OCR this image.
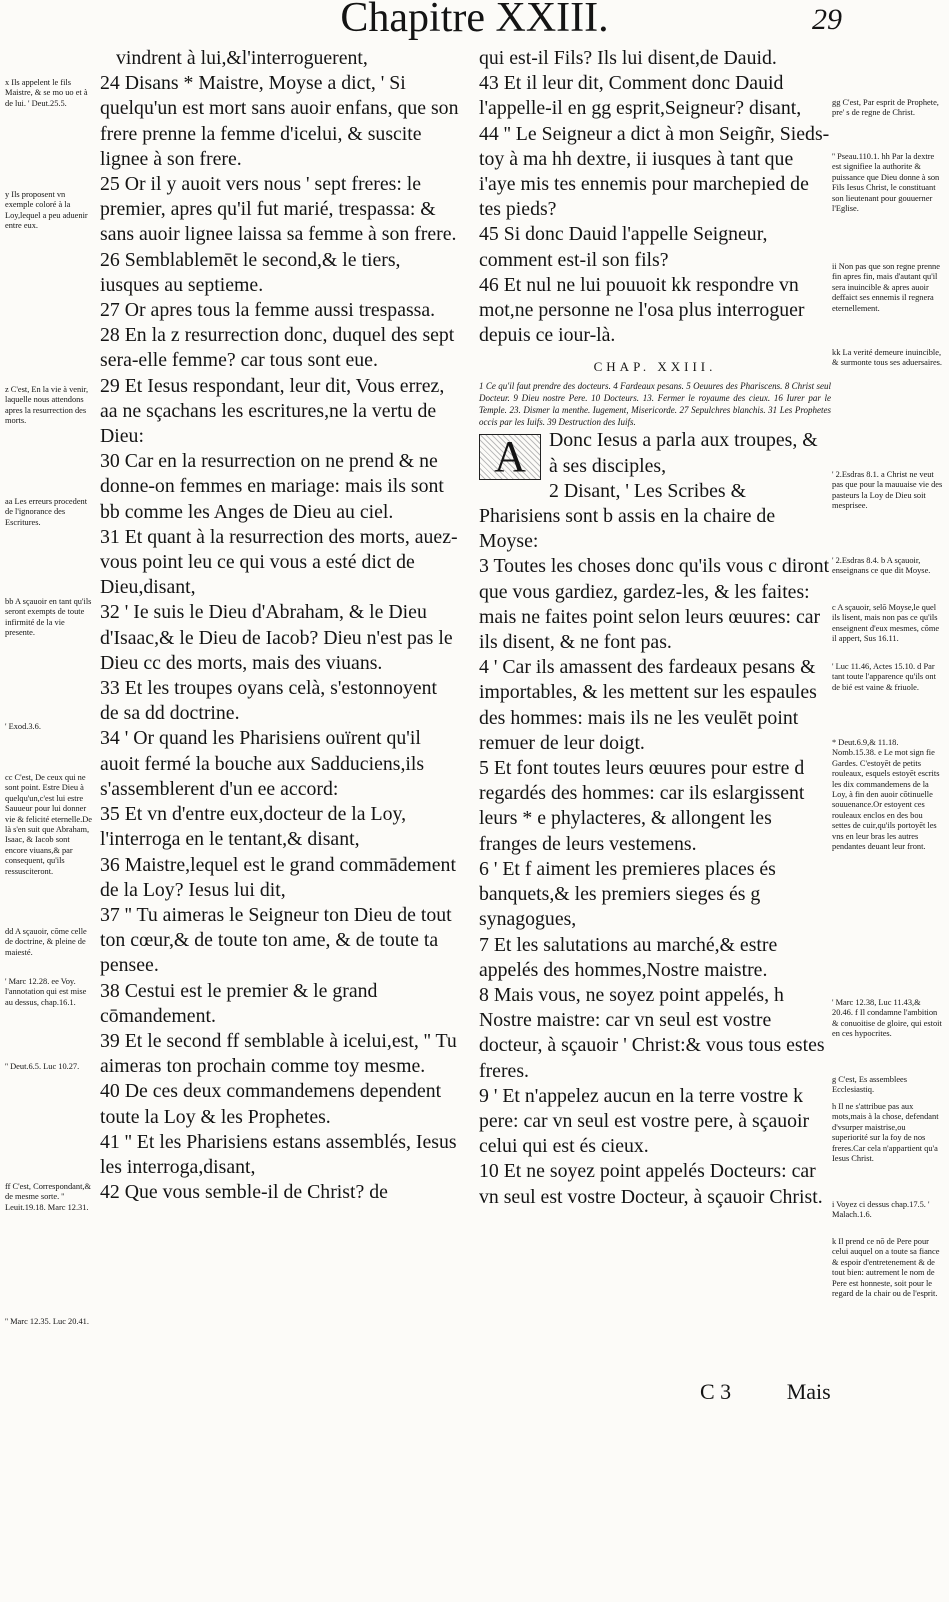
Chapitre XXIII.	29

vindrent à lui,&l'interroguerent,

24 Disans * Maistre, Moyse a dict, ' Si quelqu'un est mort sans auoir enfans, que son frere prenne la femme d'icelui, & suscite lignee à son frere.

25 Or il y auoit vers nous ' sept freres: le premier, apres qu'il fut marié, trespassa: & sans auoir lignee laissa sa femme à son frere.

26 Semblablemēt le second,& le tiers, iusques au septieme.

27 Or apres tous la femme aussi trespassa.

28 En la z resurrection donc, duquel des sept sera-elle femme? car tous sont eue.

29 Et Iesus respondant, leur dit, Vous errez, aa ne sçachans les escritures,ne la vertu de Dieu:

30 Car en la resurrection on ne prend & ne donne-on femmes en mariage: mais ils sont bb comme les Anges de Dieu au ciel.

31 Et quant à la resurrection des morts, auez-vous point leu ce qui vous a esté dict de Dieu,disant,

32 ' Ie suis le Dieu d'Abraham, & le Dieu d'Isaac,& le Dieu de Iacob? Dieu n'est pas le Dieu cc des morts, mais des viuans.

33 Et les troupes oyans celà, s'estonnoyent de sa dd doctrine.

34 ' Or quand les Pharisiens ouïrent qu'il auoit fermé la bouche aux Sadduciens,ils s'assemblerent d'un ee accord:

35 Et vn d'entre eux,docteur de la Loy, l'interroga en le tentant,& disant,

36 Maistre,lequel est le grand commādement de la Loy? Iesus lui dit,

37 '' Tu aimeras le Seigneur ton Dieu de tout ton cœur,& de toute ton ame, & de toute ta pensee.

38 Cestui est le premier & le grand cōmandement.

39 Et le second ff semblable à icelui,est, '' Tu aimeras ton prochain comme toy mesme.

40 De ces deux commandemens dependent toute la Loy & les Prophetes.

41 '' Et les Pharisiens estans assemblés, Iesus les interroga,disant,

42 Que vous semble-il de Christ? de

qui est-il Fils? Ils lui disent,de Dauid.

43 Et il leur dit, Comment donc Dauid l'appelle-il en gg esprit,Seigneur? disant,

44 '' Le Seigneur a dict à mon Seigñr, Sieds-toy à ma hh dextre, ii iusques à tant que i'aye mis tes ennemis pour marchepied de tes pieds?

45 Si donc Dauid l'appelle Seigneur, comment est-il son fils?

46 Et nul ne lui pouuoit kk respondre vn mot,ne personne ne l'osa plus interroguer depuis ce iour-là.

CHAP. XXIII.

1 Ce qu'il faut prendre des docteurs. 4 Fardeaux pesans. 5 Oeuures des Phariscens. 8 Christ seul Docteur. 9 Dieu nostre Pere. 10 Docteurs. 13. Fermer le royaume des cieux. 16 Iurer par le Temple. 23. Dismer la menthe. Iugement, Misericorde. 27 Sepulchres blanchis. 31 Les Prophetes occis par les Iuifs. 39 Destruction des Iuifs.

A	Donc Iesus a parla aux troupes, & à ses disciples,

2 Disant, ' Les Scribes & Pharisiens sont b assis en la chaire de Moyse:

3 Toutes les choses donc qu'ils vous c diront que vous gardiez, gardez-les, & les faites: mais ne faites point selon leurs œuures: car ils disent, & ne font pas.

4 ' Car ils amassent des fardeaux pesans & importables, & les mettent sur les espaules des hommes: mais ils ne les veulēt point remuer de leur doigt.

5 Et font toutes leurs œuures pour estre d regardés des hommes: car ils eslargissent leurs * e phylacteres, & allongent les franges de leurs vestemens.

6 ' Et f aiment les premieres places és banquets,& les premiers sieges és g synagogues,

7 Et les salutations au marché,& estre appelés des hommes,Nostre maistre.

8 Mais vous, ne soyez point appelés, h Nostre maistre: car vn seul est vostre docteur, à sçauoir ' Christ:& vous tous estes freres.

9 ' Et n'appelez aucun en la terre vostre k pere: car vn seul est vostre pere, à sçauoir celui qui est és cieux.

10 Et ne soyez point appelés Docteurs: car vn seul est vostre Docteur, à sçauoir Christ.

x Ils appelent le fils Maistre, & se mo uo et à de lui. ' Deut.25.5.

y Ils proposent vn exemple coloré à la Loy,lequel a peu aduenir entre eux.

z C'est, En la vie à venir, laquelle nous attendons apres la resurrection des morts.

aa Les erreurs procedent de l'ignorance des Escritures.

bb A sçauoir en tant qu'ils seront exempts de toute infirmité de la vie presente.

' Exod.3.6.

cc C'est, De ceux qui ne sont point. Estre Dieu à quelqu'un,c'est lui estre Sauueur pour lui donner vie & felicité eternelle.De là s'en suit que Abraham, Isaac, & Iacob sont encore viuans,& par consequent, qu'ils ressusciteront.

dd A sçauoir, cōme celle de doctrine, & pleine de maiesté.

' Marc 12.28. ee Voy. l'annotation qui est mise au dessus, chap.16.1.

'' Deut.6.5. Luc 10.27.

ff C'est, Correspondant,& de mesme sorte. '' Leuit.19.18. Marc 12.31.

'' Marc 12.35. Luc 20.41.

gg C'est, Par esprit de Prophete, pre' s de regne de Christ.

'' Pseau.110.1. hh Par la dextre est signifiee la authorite & puissance que Dieu donne à son Fils Iesus Christ, le constituant son lieutenant pour gouuerner l'Eglise.

ii Non pas que son regne prenne fin apres fin, mais d'autant qu'il sera inuincible & apres auoir deffaict ses ennemis il regnera eternellement.

kk La verité demeure inuincible, & surmonte tous ses aduersaires.

' 2.Esdras 8.1. a Christ ne veut pas que pour la mauuaise vie des pasteurs la Loy de Dieu soit mesprisee.

' 2.Esdras 8.4. b A sçauoir, enseignans ce que dit Moyse.

c A sçauoir, selō Moyse,le quel ils lisent, mais non pas ce qu'ils enseignent d'eux mesmes, cōme il appert, Sus 16.11.

' Luc 11.46, Actes 15.10. d Par tant toute l'apparence qu'ils ont de bié est vaine & friuole.

* Deut.6.9,& 11.18. Nomb.15.38. e Le mot sign fie Gardes. C'estoyēt de petits rouleaux, esquels estoyēt escrits les dix commandemens de la Loy, à fin den auoir cōtinuelle souuenance.Or estoyent ces rouleaux enclos en des bou settes de cuir,qu'ils portoyēt les vns en leur bras les autres pendantes deuant leur front.

' Marc 12.38, Luc 11.43,& 20.46. f Il condamne l'ambition & conuoitise de gloire, qui estoit en ces hypocrites.

g C'est, Es assemblees Ecclesiastiq.

h Il ne s'attribue pas aux mots,mais à la chose, defendant d'vsurper maistrise,ou superiorité sur la foy de nos freres.Car cela n'appartient qu'a Iesus Christ.

i Voyez ci dessus chap.17.5. ' Malach.1.6.

k Il prend ce nō de Pere pour celui auquel on a toute sa fiance & espoir d'entretenement & de tout bien: autrement le nom de Pere est honneste, soit pour le regard de la chair ou de l'esprit.

C 3	Mais
